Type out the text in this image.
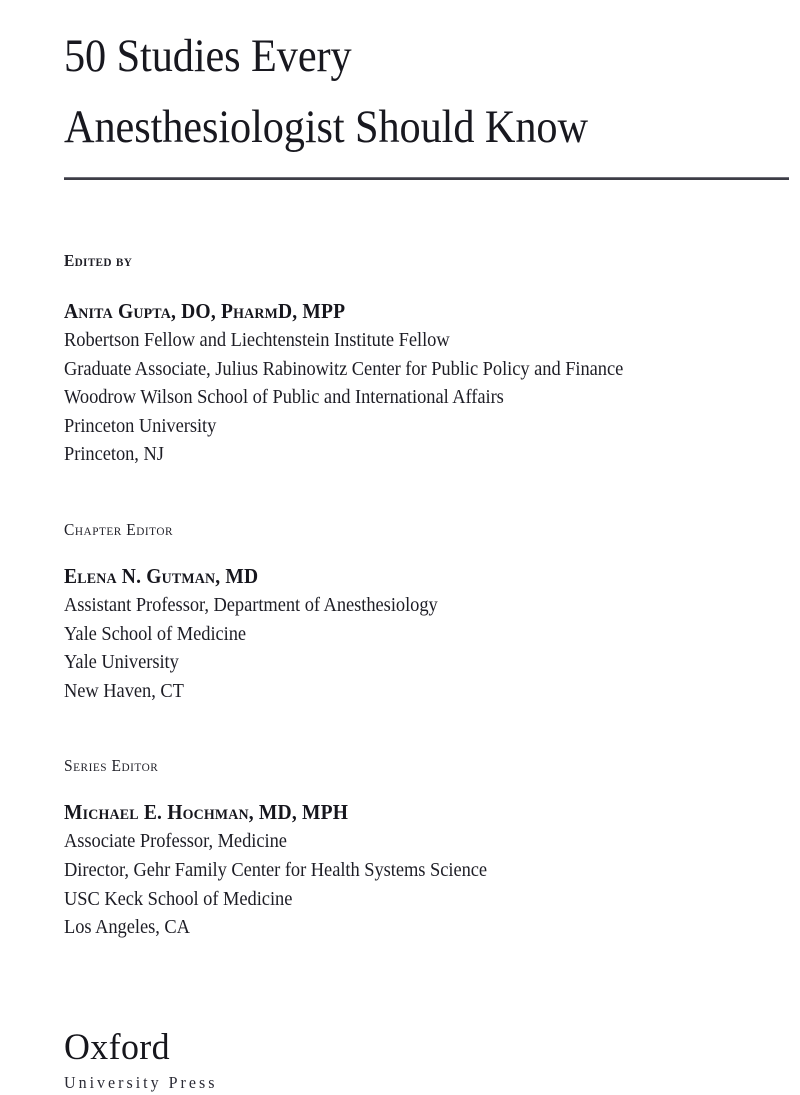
50 Studies Every
Anesthesiologist Should Know
Edited by
Anita Gupta, DO, PharmD, MPP
Robertson Fellow and Liechtenstein Institute Fellow
Graduate Associate, Julius Rabinowitz Center for Public Policy and Finance
Woodrow Wilson School of Public and International Affairs
Princeton University
Princeton, NJ
Chapter Editor
Elena N. Gutman, MD
Assistant Professor, Department of Anesthesiology
Yale School of Medicine
Yale University
New Haven, CT
Series Editor
Michael E. Hochman, MD, MPH
Associate Professor, Medicine
Director, Gehr Family Center for Health Systems Science
USC Keck School of Medicine
Los Angeles, CA
Oxford
University Press
